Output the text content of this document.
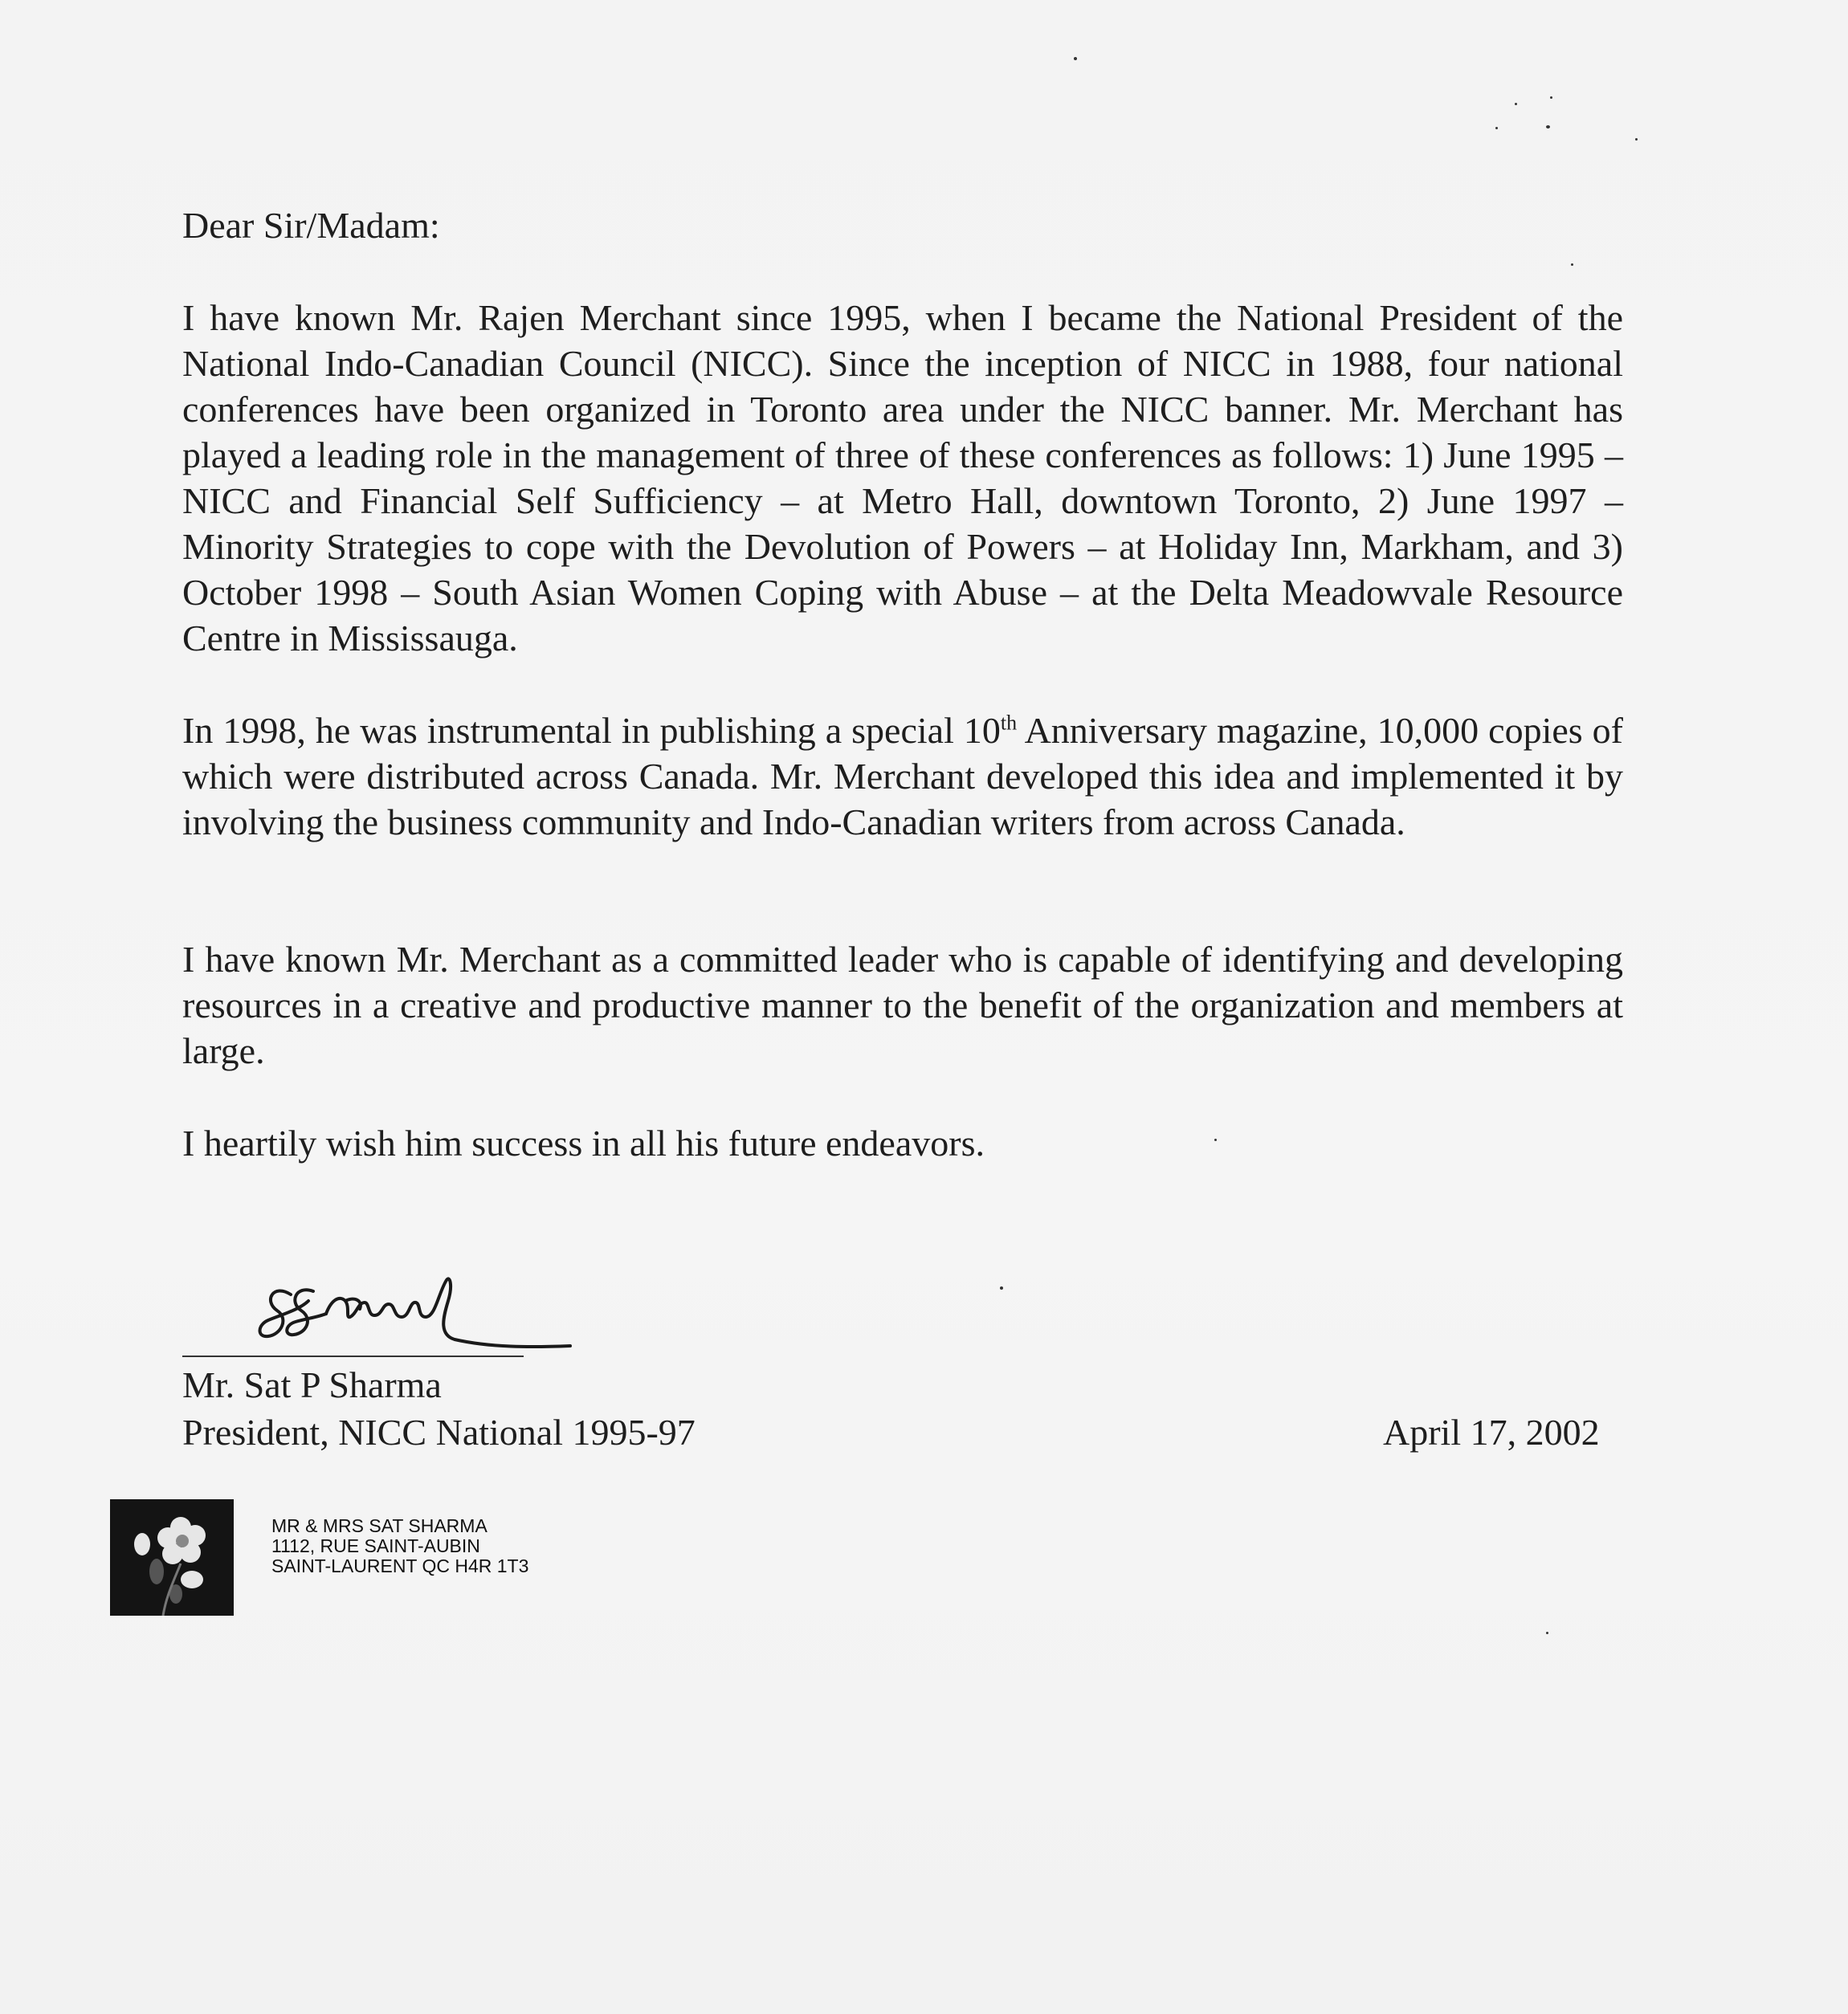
Dear Sir/Madam:

I have known Mr. Rajen Merchant since 1995, when I became the National President of the National Indo-Canadian Council (NICC). Since the inception of NICC in 1988, four national conferences have been organized in Toronto area under the NICC banner. Mr. Merchant has played a leading role in the management of three of these conferences as follows: 1) June 1995 – NICC and Financial Self Sufficiency – at Metro Hall, downtown Toronto, 2) June 1997 – Minority Strategies to cope with the Devolution of Powers – at Holiday Inn, Markham, and 3) October 1998 – South Asian Women Coping with Abuse – at the Delta Meadowvale Resource Centre in Mississauga.

In 1998, he was instrumental in publishing a special 10th Anniversary magazine, 10,000 copies of which were distributed across Canada. Mr. Merchant developed this idea and implemented it by involving the business community and Indo-Canadian writers from across Canada.

I have known Mr. Merchant as a committed leader who is capable of identifying and developing resources in a creative and productive manner to the benefit of the organization and members at large.

I heartily wish him success in all his future endeavors.

Mr. Sat P Sharma
President, NICC National 1995-97	April 17, 2002
MR & MRS SAT SHARMA
1112, RUE SAINT-AUBIN
SAINT-LAURENT QC H4R 1T3
